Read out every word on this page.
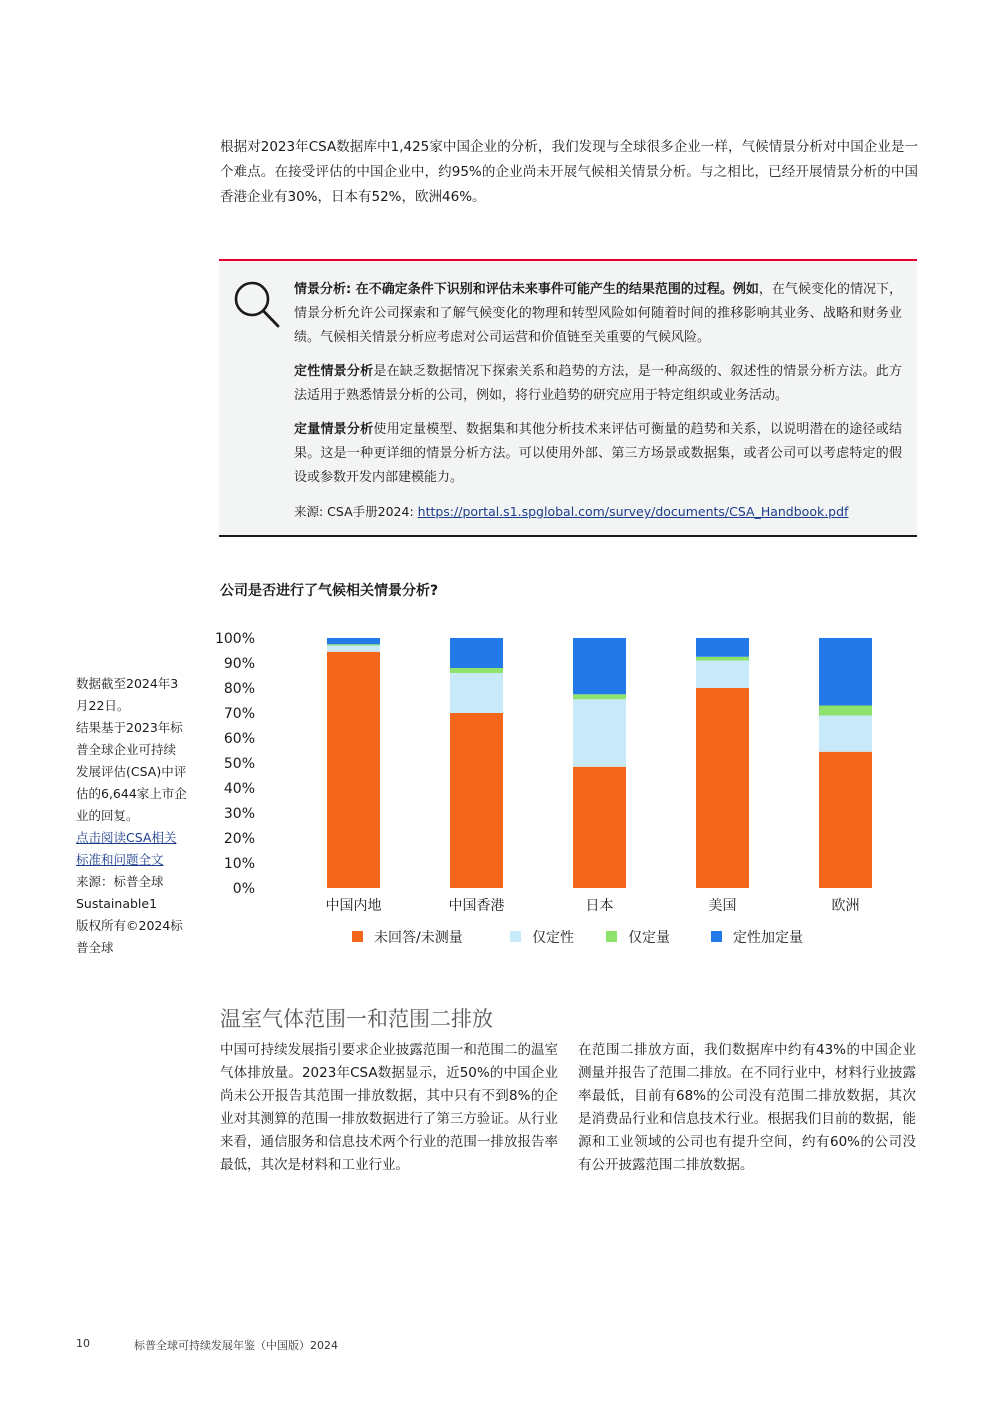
根据对2023年CSA数据库中1,425家中国企业的分析，我们发现与全球很多企业一样，气候情景分析对中国企业是一个难点。在接受评估的中国企业中，约95%的企业尚未开展气候相关情景分析。与之相比，已经开展情景分析的中国香港企业有30%，日本有52%，欧洲46%。

情景分析: 在不确定条件下识别和评估未来事件可能产生的结果范围的过程。例如，在气候变化的情况下，情景分析允许公司探索和了解气候变化的物理和转型风险如何随着时间的推移影响其业务、战略和财务业绩。气候相关情景分析应考虑对公司运营和价值链至关重要的气候风险。

定性情景分析是在缺乏数据情况下探索关系和趋势的方法，是一种高级的、叙述性的情景分析方法。此方法适用于熟悉情景分析的公司，例如，将行业趋势的研究应用于特定组织或业务活动。

定量情景分析使用定量模型、数据集和其他分析技术来评估可衡量的趋势和关系，以说明潜在的途径或结果。这是一种更详细的情景分析方法。可以使用外部、第三方场景或数据集，或者公司可以考虑特定的假设或参数开发内部建模能力。

来源: CSA手册2024: https://portal.s1.spglobal.com/survey/documents/CSA_Handbook.pdf

公司是否进行了气候相关情景分析?
数据截至2024年3月22日。
结果基于2023年标普全球企业可持续发展评估(CSA)中评估的6,644家上市企业的回复。
点击阅读CSA相关标准和问题全文
来源：标普全球Sustainable1
版权所有©2024标普全球
0%
10%
20%
30%
40%
50%
60%
70%
80%
90%
100%
中国内地	中国香港	日本	美国	欧洲
未回答/未测量	仅定性	仅定量	定性加定量
温室气体范围一和范围二排放
中国可持续发展指引要求企业披露范围一和范围二的温室气体排放量。2023年CSA数据显示，近50%的中国企业尚未公开报告其范围一排放数据，其中只有不到8%的企业对其测算的范围一排放数据进行了第三方验证。从行业来看，通信服务和信息技术两个行业的范围一排放报告率最低，其次是材料和工业行业。
在范围二排放方面，我们数据库中约有43%的中国企业测量并报告了范围二排放。在不同行业中，材料行业披露率最低，目前有68%的公司没有范围二排放数据，其次是消费品行业和信息技术行业。根据我们目前的数据，能源和工业领域的公司也有提升空间，约有60%的公司没有公开披露范围二排放数据。
10	标普全球可持续发展年鉴（中国版）2024
